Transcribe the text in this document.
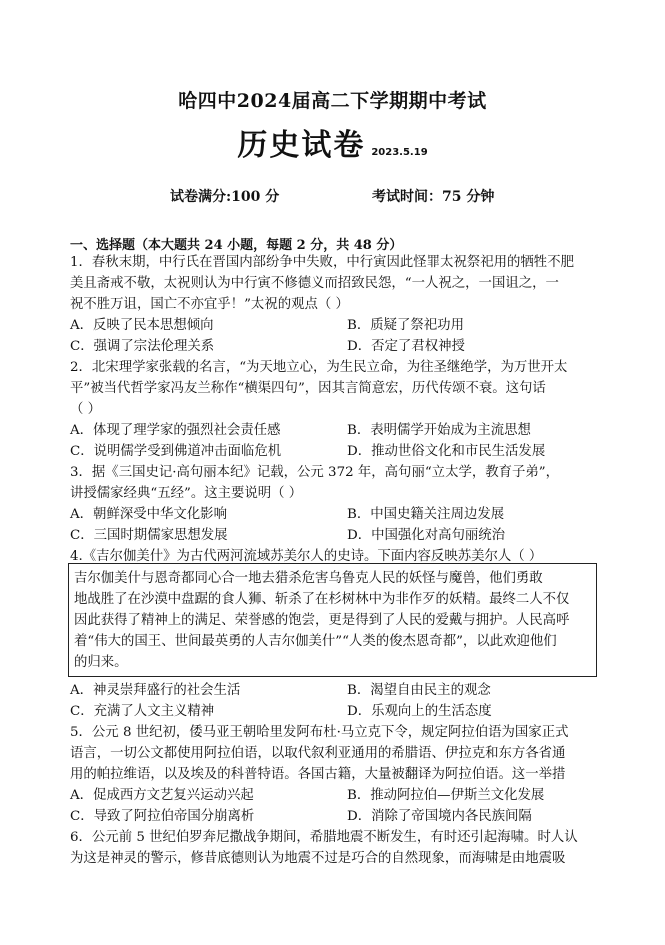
哈四中2024届高二下学期期中考试
历史试卷 2023.5.19
试卷满分:100 分	考试时间：75 分钟
一、选择题（本大题共 24 小题，每题 2 分，共 48 分）
1．春秋末期，中行氏在晋国内部纷争中失败，中行寅因此怪罪太祝祭祀用的牺牲不肥
美且斋戒不敬，太祝则认为中行寅不修德义而招致民怨，“一人祝之，一国诅之，一
祝不胜万诅，国亡不亦宜乎！”太祝的观点（ ）
A．反映了民本思想倾向	B．质疑了祭祀功用
C．强调了宗法伦理关系	D．否定了君权神授
2．北宋理学家张载的名言，“为天地立心，为生民立命，为往圣继绝学，为万世开太
平”被当代哲学家冯友兰称作“横渠四句”，因其言简意宏，历代传颂不衰。这句话
（ ）
A．体现了理学家的强烈社会责任感	B．表明儒学开始成为主流思想
C．说明儒学受到佛道冲击面临危机	D．推动世俗文化和市民生活发展
3．据《三国史记·高句丽本纪》记载，公元 372 年，高句丽“立太学，教育子弟”，
讲授儒家经典“五经”。这主要说明（ ）
A．朝鲜深受中华文化影响	B．中国史籍关注周边发展
C．三国时期儒家思想发展	D．中国强化对高句丽统治
4.《吉尔伽美什》为古代两河流域苏美尔人的史诗。下面内容反映苏美尔人（ ）
吉尔伽美什与恩奇都同心合一地去猎杀危害乌鲁克人民的妖怪与魔兽，他们勇敢
地战胜了在沙漠中盘踞的食人狮、斩杀了在杉树林中为非作歹的妖精。最终二人不仅
因此获得了精神上的满足、荣誉感的饱尝，更是得到了人民的爱戴与拥护。人民高呼
着“伟大的国王、世间最英勇的人吉尔伽美什”“人类的俊杰恩奇都”，以此欢迎他们
的归来。
A．神灵崇拜盛行的社会生活	B．渴望自由民主的观念
C．充满了人文主义精神	D．乐观向上的生活态度
5．公元 8 世纪初，倭马亚王朝哈里发阿布杜·马立克下令，规定阿拉伯语为国家正式
语言，一切公文都使用阿拉伯语，以取代叙利亚通用的希腊语、伊拉克和东方各省通
用的帕拉维语，以及埃及的科普特语。各国古籍，大量被翻译为阿拉伯语。这一举措
A．促成西方文艺复兴运动兴起	B．推动阿拉伯—伊斯兰文化发展
C．导致了阿拉伯帝国分崩离析	D．消除了帝国境内各民族间隔
6．公元前 5 世纪伯罗奔尼撒战争期间，希腊地震不断发生，有时还引起海啸。时人认
为这是神灵的警示，修昔底德则认为地震不过是巧合的自然现象，而海啸是由地震吸
